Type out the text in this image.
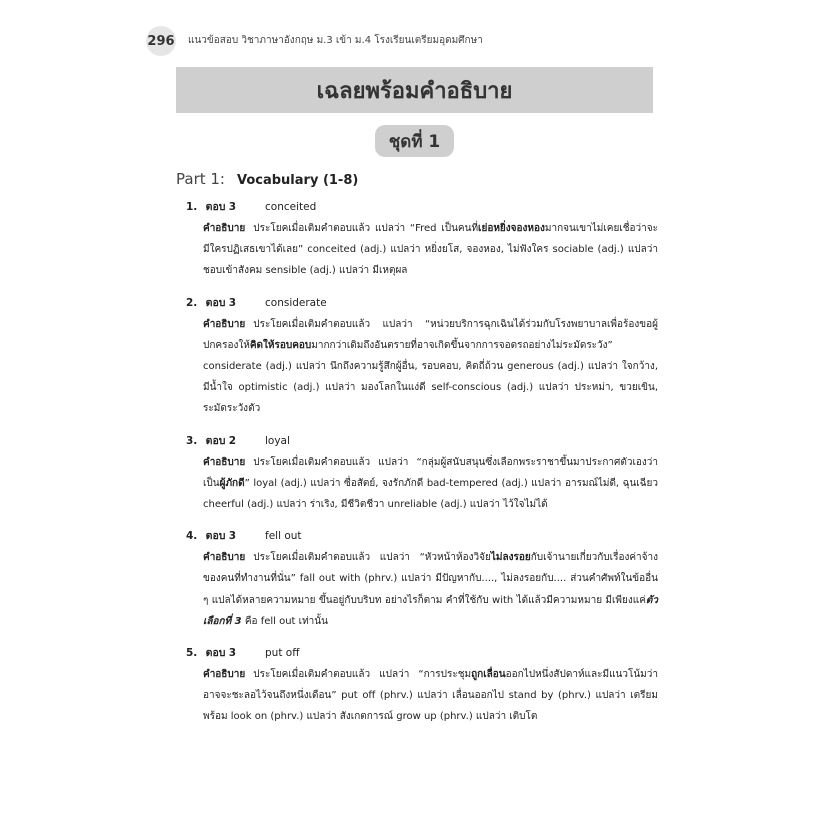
296 แนวข้อสอบ วิชาภาษาอังกฤษ ม.3 เข้า ม.4 โรงเรียนเตรียมอุดมศึกษา
เฉลยพร้อมคำอธิบาย
ชุดที่ 1
Part 1: Vocabulary (1-8)
1. ตอบ 3	conceited
คำอธิบาย ประโยคเมื่อเติมคำตอบแล้ว แปลว่า “Fred เป็นคนที่เย่อหยิ่งจองหองมากจนเขาไม่เคยเชื่อว่าจะมีใครปฏิเสธเขาได้เลย” conceited (adj.) แปลว่า หยิ่งยโส, จองหอง, ไม่ฟังใคร sociable (adj.) แปลว่า ชอบเข้าสังคม sensible (adj.) แปลว่า มีเหตุผล
2. ตอบ 3	considerate
คำอธิบาย ประโยคเมื่อเติมคำตอบแล้ว แปลว่า “หน่วยบริการฉุกเฉินได้ร่วมกับโรงพยาบาลเพื่อร้องขอผู้ปกครองให้คิดให้รอบคอบมากกว่าเดิมถึงอันตรายที่อาจเกิดขึ้นจากการจอดรถอย่างไม่ระมัดระวัง” considerate (adj.) แปลว่า นึกถึงความรู้สึกผู้อื่น, รอบคอบ, คิดถี่ถ้วน generous (adj.) แปลว่า ใจกว้าง, มีน้ำใจ optimistic (adj.) แปลว่า มองโลกในแง่ดี self-conscious (adj.) แปลว่า ประหม่า, ขวยเขิน, ระมัดระวังตัว
3. ตอบ 2	loyal
คำอธิบาย ประโยคเมื่อเติมคำตอบแล้ว แปลว่า “กลุ่มผู้สนับสนุนซึ่งเลือกพระราชาขึ้นมาประกาศตัวเองว่าเป็นผู้ภักดี” loyal (adj.) แปลว่า ซื่อสัตย์, จงรักภักดี bad-tempered (adj.) แปลว่า อารมณ์ไม่ดี, ฉุนเฉียว cheerful (adj.) แปลว่า ร่าเริง, มีชีวิตชีวา unreliable (adj.) แปลว่า ไว้ใจไม่ได้
4. ตอบ 3	fell out
คำอธิบาย ประโยคเมื่อเติมคำตอบแล้ว แปลว่า “หัวหน้าห้องวิจัยไม่ลงรอยกับเจ้านายเกี่ยวกับเรื่องค่าจ้างของคนที่ทำงานที่นั่น” fall out with (phrv.) แปลว่า มีปัญหากับ...., ไม่ลงรอยกับ.... ส่วนคำศัพท์ในข้ออื่น ๆ แปลได้หลายความหมาย ขึ้นอยู่กับบริบท อย่างไรก็ตาม คำที่ใช้กับ with ได้แล้วมีความหมาย มีเพียงแค่ตัวเลือกที่ 3 คือ fell out เท่านั้น
5. ตอบ 3	put off
คำอธิบาย ประโยคเมื่อเติมคำตอบแล้ว แปลว่า “การประชุมถูกเลื่อนออกไปหนึ่งสัปดาห์และมีแนวโน้มว่าอาจจะชะลอไว้จนถึงหนึ่งเดือน” put off (phrv.) แปลว่า เลื่อนออกไป stand by (phrv.) แปลว่า เตรียมพร้อม look on (phrv.) แปลว่า สังเกตการณ์ grow up (phrv.) แปลว่า เติบโต
